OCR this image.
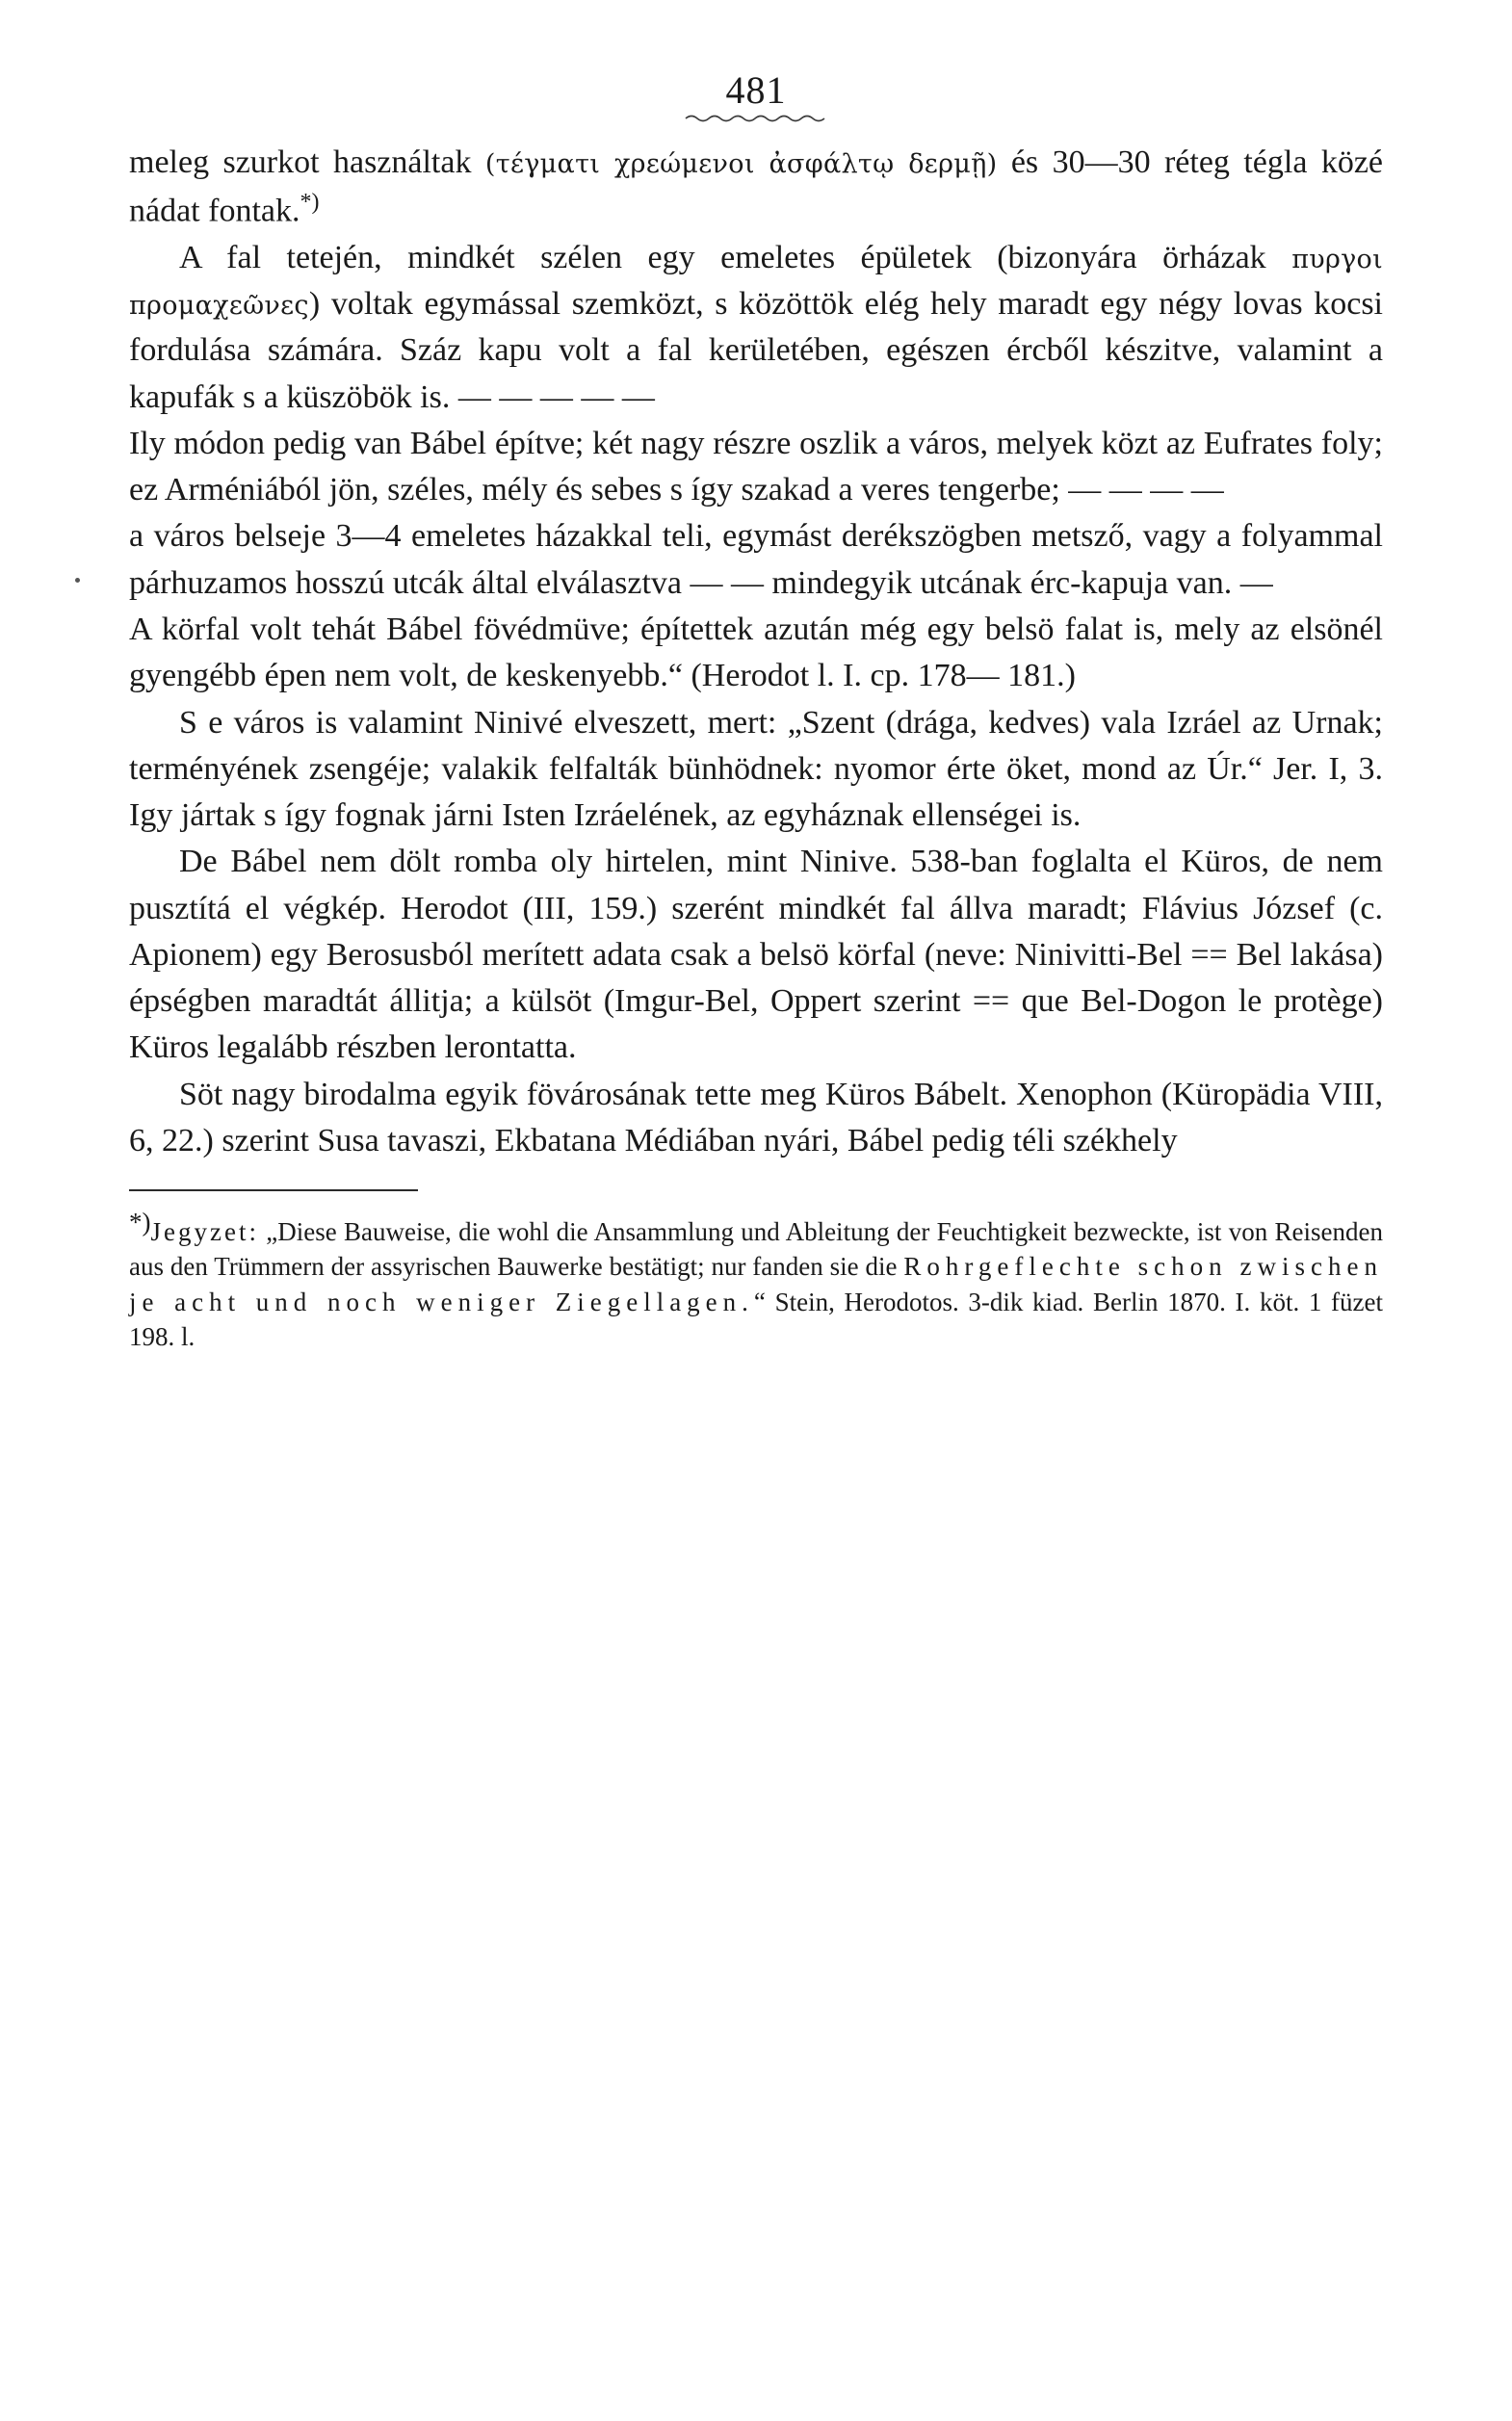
481

meleg szurkot használtak (τέγματι χρεώμενοι ἀσφάλτῳ δερμῇ) és 30—30 réteg tégla közé nádat fontak.*)

A fal tetején, mindkét szélen egy emeletes épületek (bizonyára örházak πυργοι προμαχεῶνες) voltak egymással szemközt, s közöttök elég hely maradt egy négy lovas kocsi fordulása számára. Száz kapu volt a fal kerületében, egészen ércből készitve, valamint a kapufák s a küszöbök is. — — — — —

Ily módon pedig van Bábel építve; két nagy részre oszlik a város, melyek közt az Eufrates foly; ez Arméniából jön, széles, mély és sebes s így szakad a veres tengerbe; — — — —

a város belseje 3—4 emeletes házakkal teli, egymást derékszögben metsző, vagy a folyammal párhuzamos hosszú utcák által elválasztva — — mindegyik utcának érc-kapuja van. —

A körfal volt tehát Bábel fövédmüve; építettek azután még egy belsö falat is, mely az elsönél gyengébb épen nem volt, de keskenyebb.“ (Herodot l. I. cp. 178— 181.)

S e város is valamint Ninivé elveszett, mert: „Szent (drága, kedves) vala Izráel az Urnak; terményének zsengéje; valakik felfalták bünhödnek: nyomor érte öket, mond az Úr.“ Jer. I, 3. Igy jártak s így fognak járni Isten Izráelének, az egyháznak ellenségei is.

De Bábel nem dölt romba oly hirtelen, mint Ninive. 538-ban foglalta el Küros, de nem pusztítá el végkép. Herodot (III, 159.) szerént mindkét fal állva maradt; Flávius József (c. Apionem) egy Berosusból merített adata csak a belsö körfal (neve: Ninivitti-Bel == Bel lakása) épségben maradtát állitja; a külsöt (Imgur-Bel, Oppert szerint == que Bel-Dogon le protège) Küros legalább részben lerontatta.

Söt nagy birodalma egyik fövárosának tette meg Küros Bábelt. Xenophon (Küropädia VIII, 6, 22.) szerint Susa tavaszi, Ekbatana Médiában nyári, Bábel pedig téli székhely

*)Jegyzet: „Diese Bauweise, die wohl die Ansammlung und Ableitung der Feuchtigkeit bezweckte, ist von Reisenden aus den Trümmern der assyrischen Bauwerke bestätigt; nur fanden sie die Rohrgeflechte schon zwischen je acht und noch weniger Ziegellagen.“ Stein, Herodotos. 3-dik kiad. Berlin 1870. I. köt. 1 füzet 198. l.
